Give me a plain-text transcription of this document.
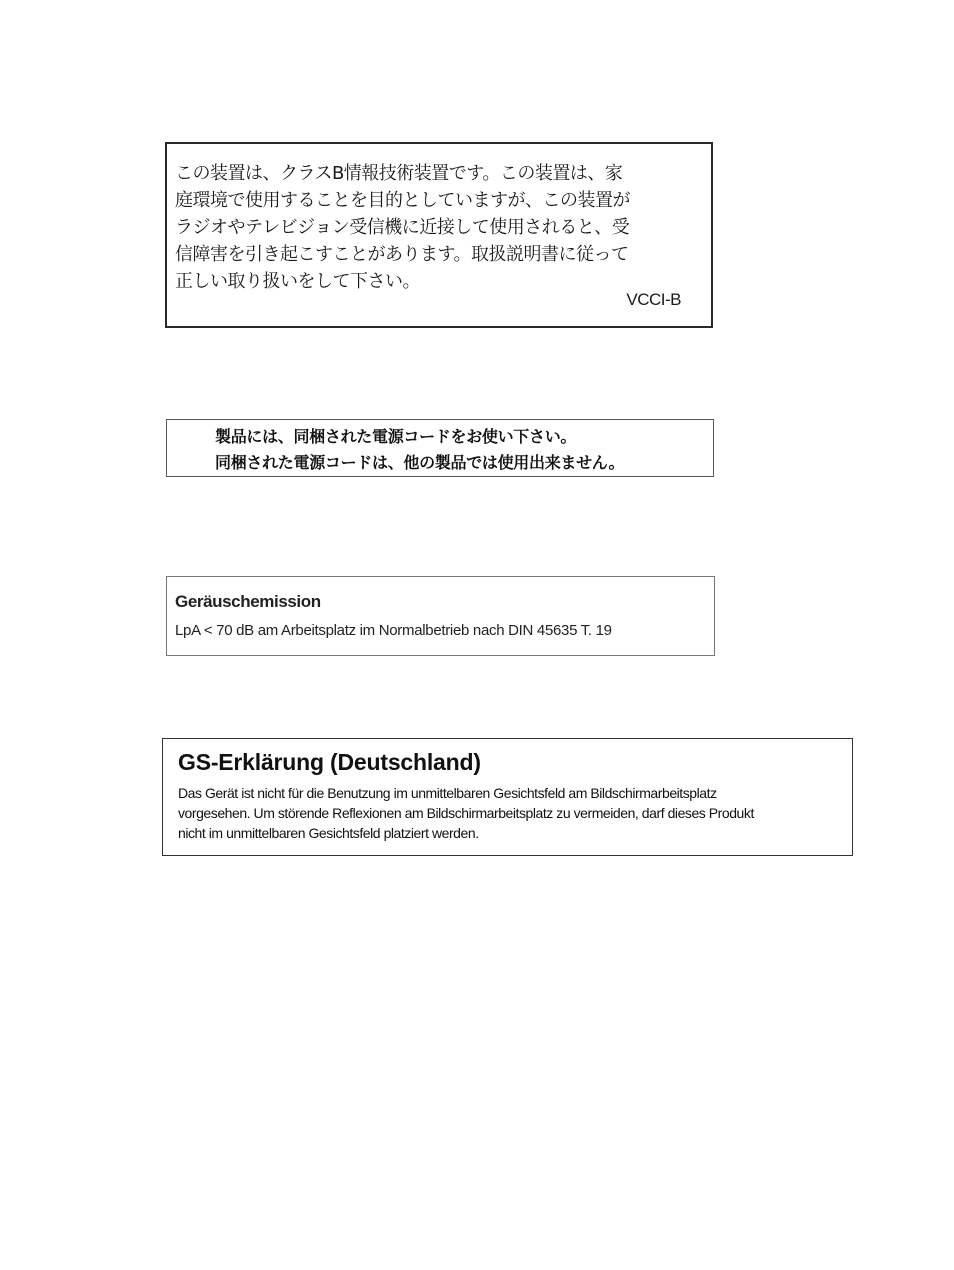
この装置は、クラスB情報技術装置です。この装置は、家
庭環境で使用することを目的としていますが、この装置が
ラジオやテレビジョン受信機に近接して使用されると、受
信障害を引き起こすことがあります。取扱説明書に従って
正しい取り扱いをして下さい。
VCCI-B
製品には、同梱された電源コードをお使い下さい。
同梱された電源コードは、他の製品では使用出来ません。
Geräuschemission
LpA < 70 dB am Arbeitsplatz im Normalbetrieb nach DIN 45635 T. 19
GS-Erklärung (Deutschland)
Das Gerät ist nicht für die Benutzung im unmittelbaren Gesichtsfeld am Bildschirmarbeitsplatz
vorgesehen. Um störende Reflexionen am Bildschirmarbeitsplatz zu vermeiden, darf dieses Produkt
nicht im unmittelbaren Gesichtsfeld platziert werden.
